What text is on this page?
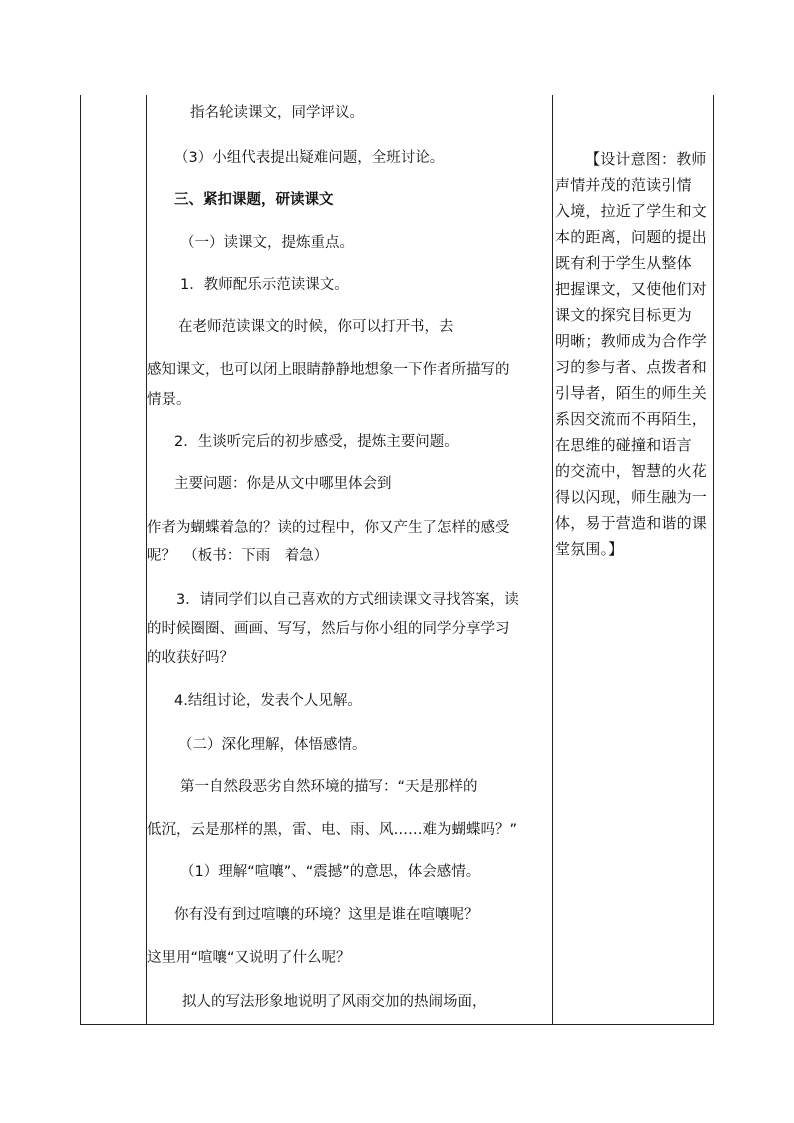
指名轮读课文，同学评议。
（3）小组代表提出疑难问题，全班讨论。
三、紧扣课题，研读课文
（一）读课文，提炼重点。
1．教师配乐示范读课文。
在老师范读课文的时候，你可以打开书，去
感知课文，也可以闭上眼睛静静地想象一下作者所描写的
情景。
2．生谈听完后的初步感受，提炼主要问题。
主要问题：你是从文中哪里体会到
作者为蝴蝶着急的？读的过程中，你又产生了怎样的感受
呢？　（板书：下雨　着急）
3．请同学们以自己喜欢的方式细读课文寻找答案，读
的时候圈圈、画画、写写，然后与你小组的同学分享学习
的收获好吗？
4.结组讨论，发表个人见解。
（二）深化理解，体悟感情。
第一自然段恶劣自然环境的描写：“天是那样的
低沉，云是那样的黑，雷、电、雨、风……难为蝴蝶吗？”
（1）理解“喧嚷”、“震撼”的意思，体会感情。
你有没有到过喧嚷的环境？这里是谁在喧嚷呢？
这里用“喧嚷“又说明了什么呢？
拟人的写法形象地说明了风雨交加的热闹场面，
【设计意图：教师
声情并茂的范读引情
入境，拉近了学生和文
本的距离，问题的提出
既有利于学生从整体
把握课文，又使他们对
课文的探究目标更为
明晰；教师成为合作学
习的参与者、点拨者和
引导者，陌生的师生关
系因交流而不再陌生，
在思维的碰撞和语言
的交流中，智慧的火花
得以闪现，师生融为一
体，易于营造和谐的课
堂氛围。】
